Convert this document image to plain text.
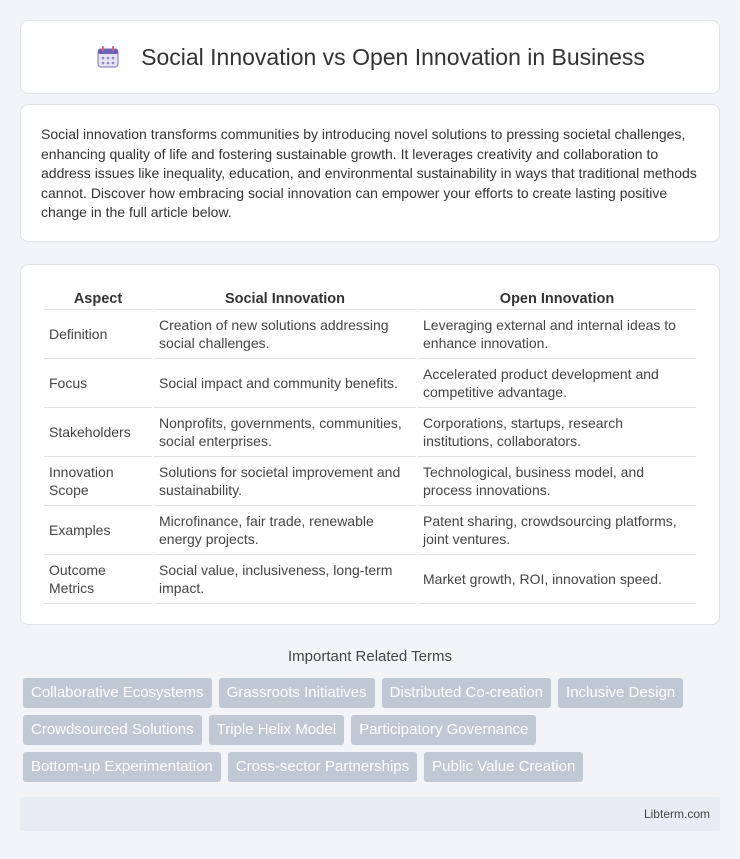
Social Innovation vs Open Innovation in Business

Social innovation transforms communities by introducing novel solutions to pressing societal challenges, enhancing quality of life and fostering sustainable growth. It leverages creativity and collaboration to address issues like inequality, education, and environmental sustainability in ways that traditional methods cannot. Discover how embracing social innovation can empower your efforts to create lasting positive change in the full article below.

Aspect	Social Innovation	Open Innovation
Definition	Creation of new solutions addressing social challenges.	Leveraging external and internal ideas to enhance innovation.
Focus	Social impact and community benefits.	Accelerated product development and competitive advantage.
Stakeholders	Nonprofits, governments, communities, social enterprises.	Corporations, startups, research institutions, collaborators.
Innovation Scope	Solutions for societal improvement and sustainability.	Technological, business model, and process innovations.
Examples	Microfinance, fair trade, renewable energy projects.	Patent sharing, crowdsourcing platforms, joint ventures.
Outcome Metrics	Social value, inclusiveness, long-term impact.	Market growth, ROI, innovation speed.
Important Related Terms
Collaborative Ecosystems	Grassroots Initiatives	Distributed Co-creation	Inclusive Design
Crowdsourced Solutions	Triple Helix Model	Participatory Governance
Bottom-up Experimentation	Cross-sector Partnerships	Public Value Creation
Libterm.com
